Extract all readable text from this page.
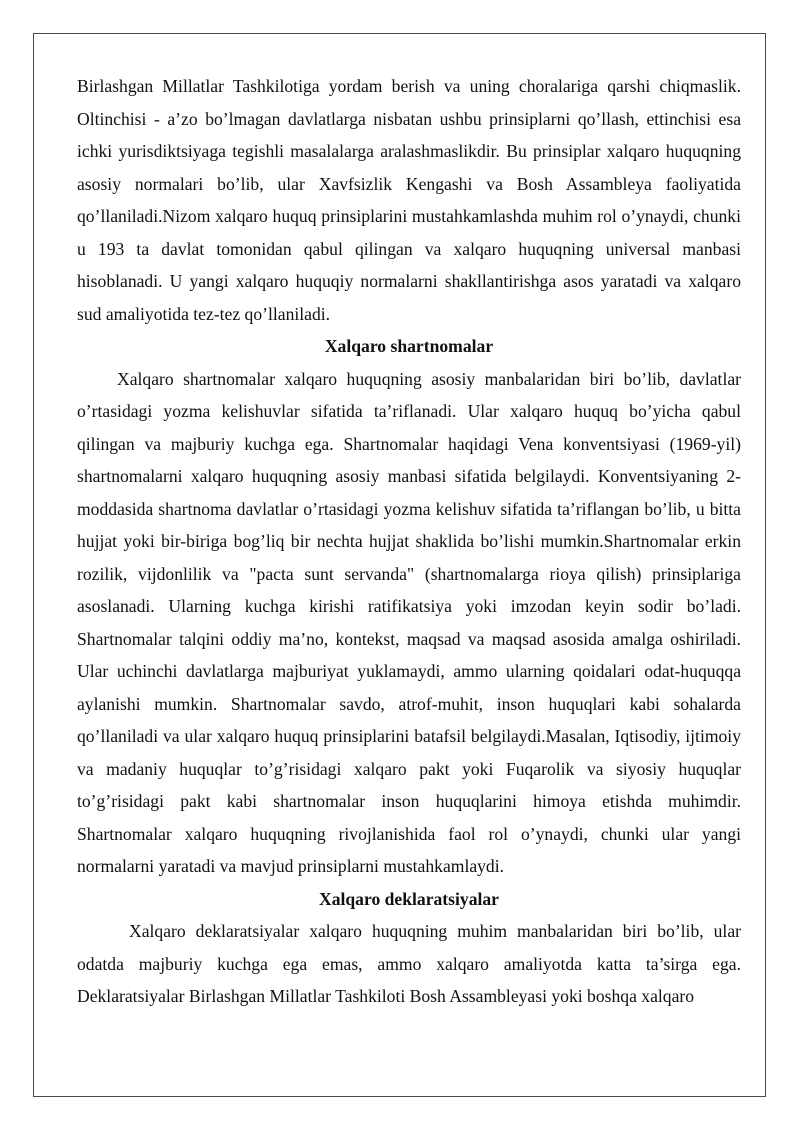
Birlashgan Millatlar Tashkilotiga yordam berish va uning choralariga qarshi chiqmaslik. Oltinchisi - a’zo bo’lmagan davlatlarga nisbatan ushbu prinsiplarni qo’llash, ettinchisi esa ichki yurisdiktsiyaga tegishli masalalarga aralashmaslikdir. Bu prinsiplar xalqaro huquqning asosiy normalari bo’lib, ular Xavfsizlik Kengashi va Bosh Assambleya faoliyatida qo’llaniladi.Nizom xalqaro huquq prinsiplarini mustahkamlashda muhim rol o’ynaydi, chunki u 193 ta davlat tomonidan qabul qilingan va xalqaro huquqning universal manbasi hisoblanadi. U yangi xalqaro huquqiy normalarni shakllantirishga asos yaratadi va xalqaro sud amaliyotida tez-tez qo’llaniladi.

Xalqaro shartnomalar

Xalqaro shartnomalar xalqaro huquqning asosiy manbalaridan biri bo’lib, davlatlar o’rtasidagi yozma kelishuvlar sifatida ta’riflanadi. Ular xalqaro huquq bo’yicha qabul qilingan va majburiy kuchga ega. Shartnomalar haqidagi Vena konventsiyasi (1969-yil) shartnomalarni xalqaro huquqning asosiy manbasi sifatida belgilaydi. Konventsiyaning 2-moddasida shartnoma davlatlar o’rtasidagi yozma kelishuv sifatida ta’riflangan bo’lib, u bitta hujjat yoki bir-biriga bog’liq bir nechta hujjat shaklida bo’lishi mumkin.Shartnomalar erkin rozilik, vijdonlilik va "pacta sunt servanda" (shartnomalarga rioya qilish) prinsiplariga asoslanadi. Ularning kuchga kirishi ratifikatsiya yoki imzodan keyin sodir bo’ladi. Shartnomalar talqini oddiy ma’no, kontekst, maqsad va maqsad asosida amalga oshiriladi. Ular uchinchi davlatlarga majburiyat yuklamaydi, ammo ularning qoidalari odat-huquqqa aylanishi mumkin. Shartnomalar savdo, atrof-muhit, inson huquqlari kabi sohalarda qo’llaniladi va ular xalqaro huquq prinsiplarini batafsil belgilaydi.Masalan, Iqtisodiy, ijtimoiy va madaniy huquqlar to’g’risidagi xalqaro pakt yoki Fuqarolik va siyosiy huquqlar to’g’risidagi pakt kabi shartnomalar inson huquqlarini himoya etishda muhimdir. Shartnomalar xalqaro huquqning rivojlanishida faol rol o’ynaydi, chunki ular yangi normalarni yaratadi va mavjud prinsiplarni mustahkamlaydi.

Xalqaro deklaratsiyalar

Xalqaro deklaratsiyalar xalqaro huquqning muhim manbalaridan biri bo’lib, ular odatda majburiy kuchga ega emas, ammo xalqaro amaliyotda katta ta’sirga ega. Deklaratsiyalar Birlashgan Millatlar Tashkiloti Bosh Assambleyasi yoki boshqa xalqaro
